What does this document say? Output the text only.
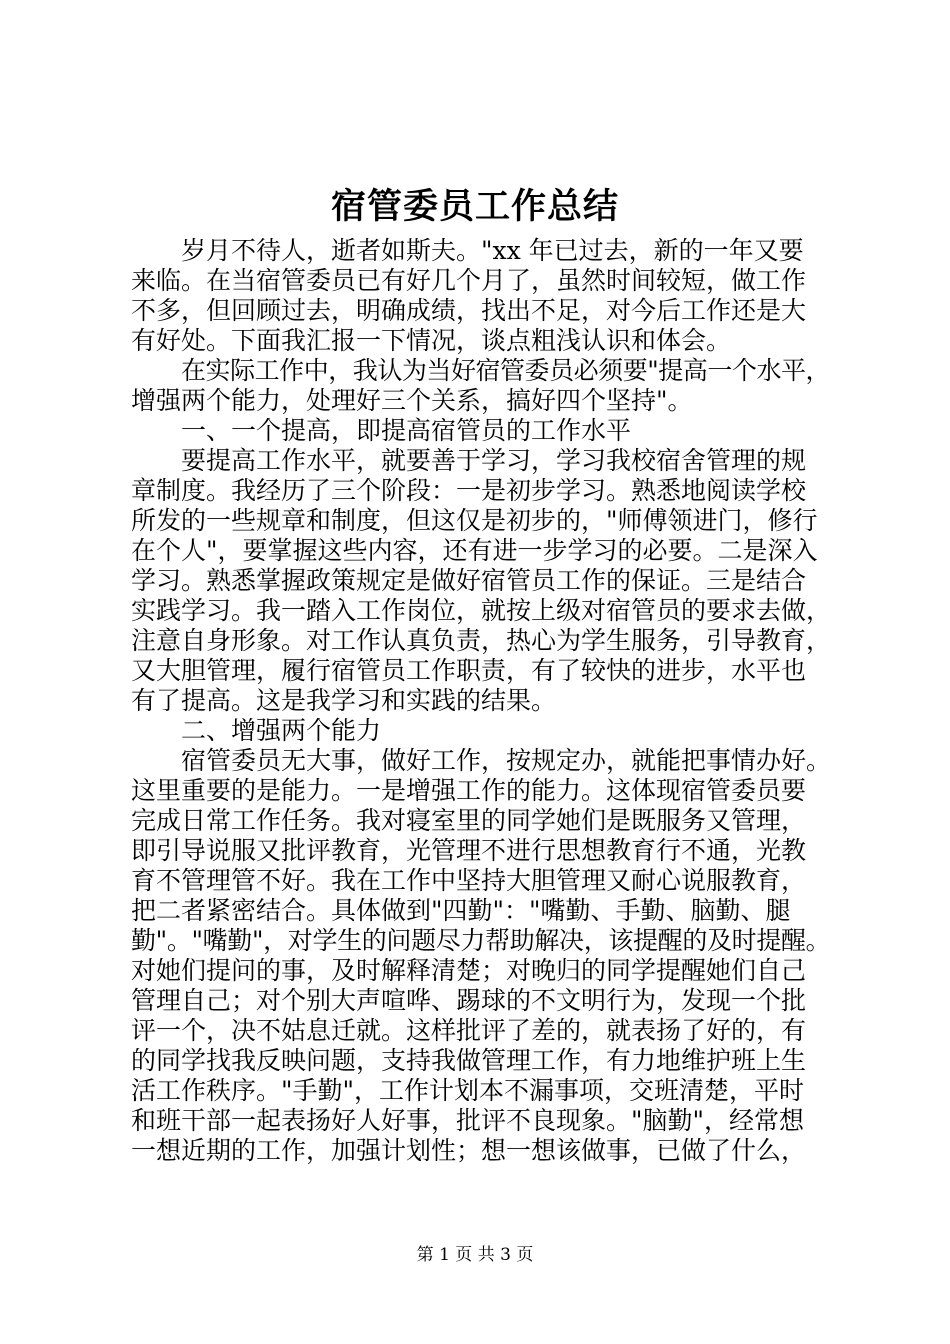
宿管委员工作总结
岁月不待人，逝者如斯夫。"xx 年已过去，新的一年又要
来临。在当宿管委员已有好几个月了，虽然时间较短，做工作
不多，但回顾过去，明确成绩，找出不足，对今后工作还是大
有好处。下面我汇报一下情况，谈点粗浅认识和体会。
在实际工作中，我认为当好宿管委员必须要"提高一个水平，
增强两个能力，处理好三个关系，搞好四个坚持"。
一、一个提高，即提高宿管员的工作水平
要提高工作水平，就要善于学习，学习我校宿舍管理的规
章制度。我经历了三个阶段：一是初步学习。熟悉地阅读学校
所发的一些规章和制度，但这仅是初步的，"师傅领进门，修行
在个人"，要掌握这些内容，还有进一步学习的必要。二是深入
学习。熟悉掌握政策规定是做好宿管员工作的保证。三是结合
实践学习。我一踏入工作岗位，就按上级对宿管员的要求去做，
注意自身形象。对工作认真负责，热心为学生服务，引导教育，
又大胆管理，履行宿管员工作职责，有了较快的进步，水平也
有了提高。这是我学习和实践的结果。
二、增强两个能力
宿管委员无大事，做好工作，按规定办，就能把事情办好。
这里重要的是能力。一是增强工作的能力。这体现宿管委员要
完成日常工作任务。我对寝室里的同学她们是既服务又管理，
即引导说服又批评教育，光管理不进行思想教育行不通，光教
育不管理管不好。我在工作中坚持大胆管理又耐心说服教育，
把二者紧密结合。具体做到"四勤"："嘴勤、手勤、脑勤、腿
勤"。"嘴勤"，对学生的问题尽力帮助解决，该提醒的及时提醒。
对她们提问的事，及时解释清楚；对晚归的同学提醒她们自己
管理自己；对个别大声喧哗、踢球的不文明行为，发现一个批
评一个，决不姑息迁就。这样批评了差的，就表扬了好的，有
的同学找我反映问题，支持我做管理工作，有力地维护班上生
活工作秩序。"手勤"，工作计划本不漏事项，交班清楚，平时
和班干部一起表扬好人好事，批评不良现象。"脑勤"，经常想
一想近期的工作，加强计划性；想一想该做事，已做了什么，
第 1 页 共 3 页
